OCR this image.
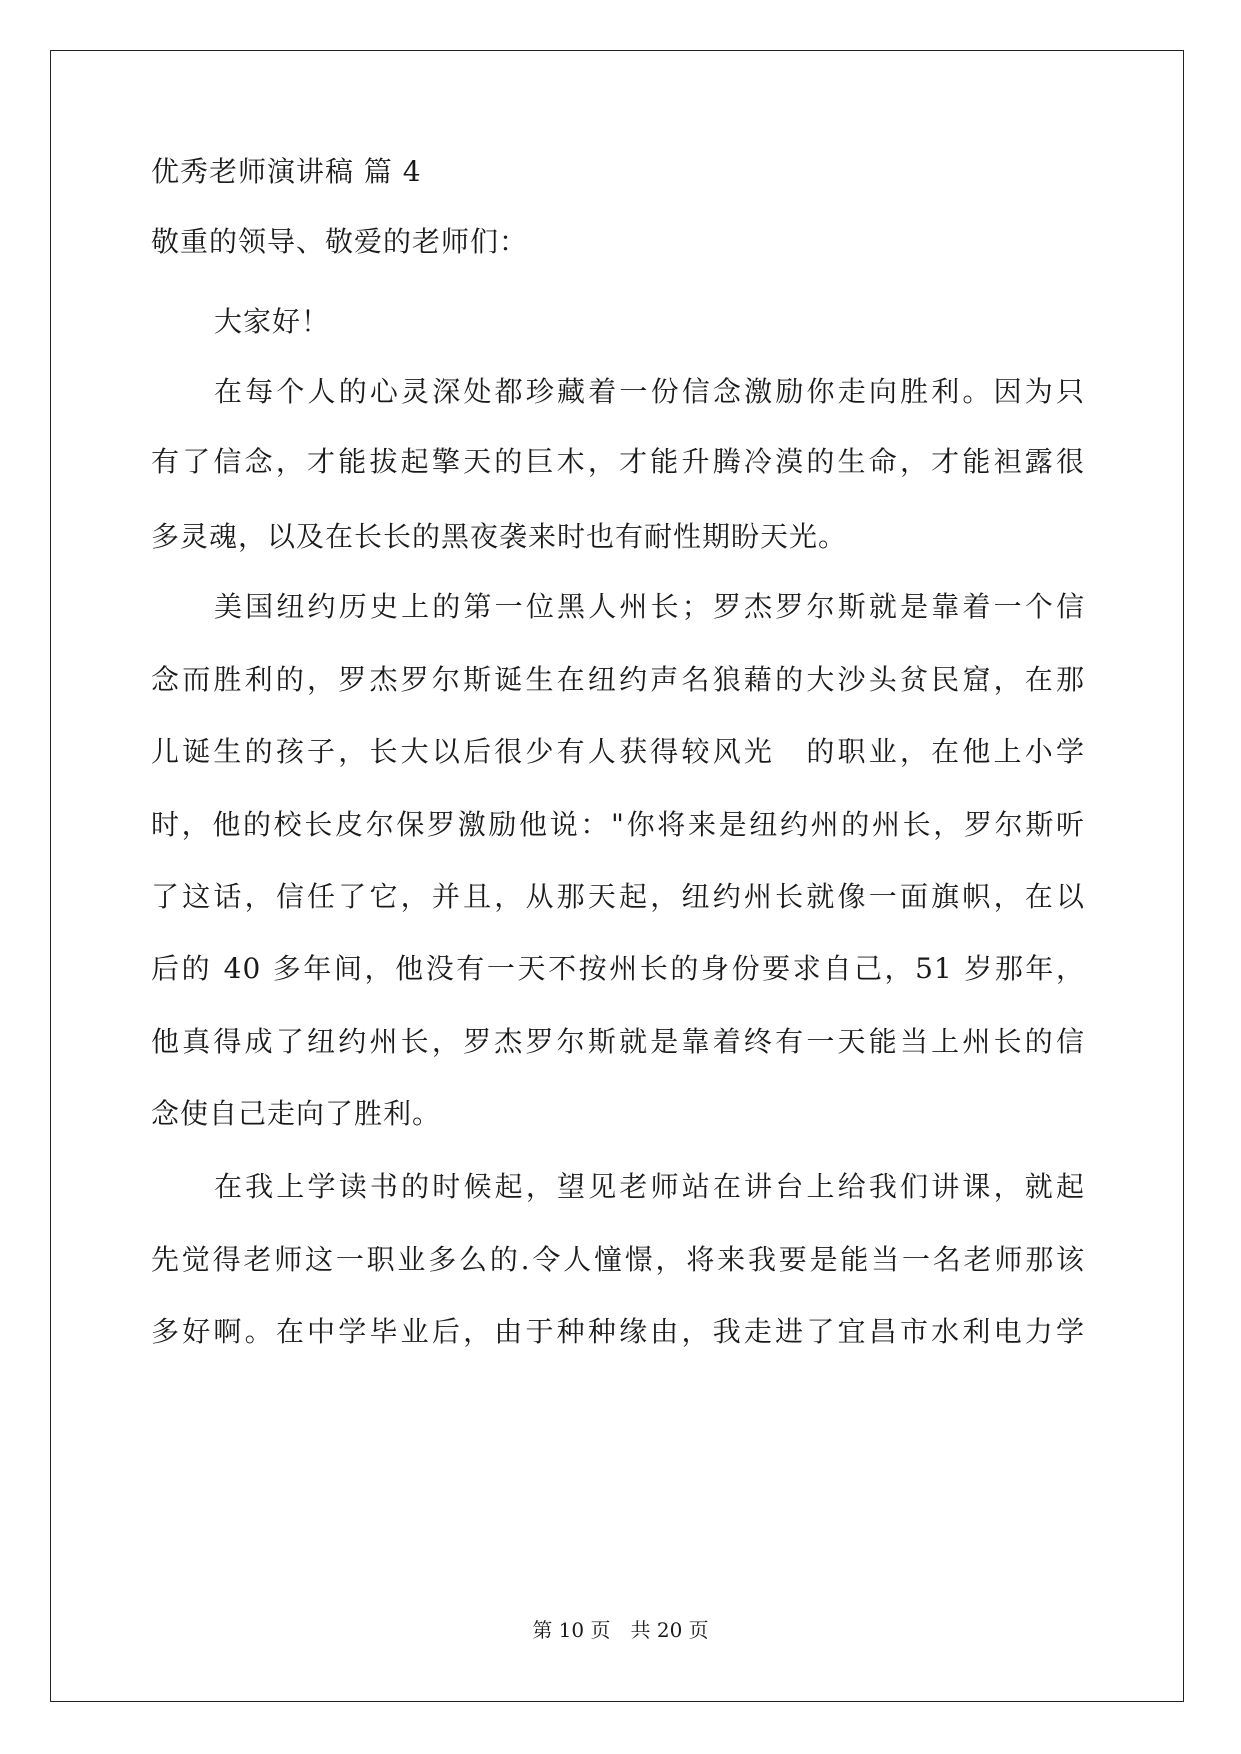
优秀老师演讲稿 篇 4
敬重的领导、敬爱的老师们：
大家好！
在每个人的心灵深处都珍藏着一份信念激励你走向胜利。因为只
有了信念，才能拔起擎天的巨木，才能升腾冷漠的生命，才能袒露很
多灵魂，以及在长长的黑夜袭来时也有耐性期盼天光。
美国纽约历史上的第一位黑人州长；罗杰罗尔斯就是靠着一个信
念而胜利的，罗杰罗尔斯诞生在纽约声名狼藉的大沙头贫民窟，在那
儿诞生的孩子，长大以后很少有人获得较风光　的职业，在他上小学
时，他的校长皮尔保罗激励他说："你将来是纽约州的州长，罗尔斯听
了这话，信任了它，并且，从那天起，纽约州长就像一面旗帜，在以
后的 40 多年间，他没有一天不按州长的身份要求自己，51 岁那年，
他真得成了纽约州长，罗杰罗尔斯就是靠着终有一天能当上州长的信
念使自己走向了胜利。
在我上学读书的时候起，望见老师站在讲台上给我们讲课，就起
先觉得老师这一职业多么的.令人憧憬，将来我要是能当一名老师那该
多好啊。在中学毕业后，由于种种缘由，我走进了宜昌市水利电力学
第 10 页 共 20 页
